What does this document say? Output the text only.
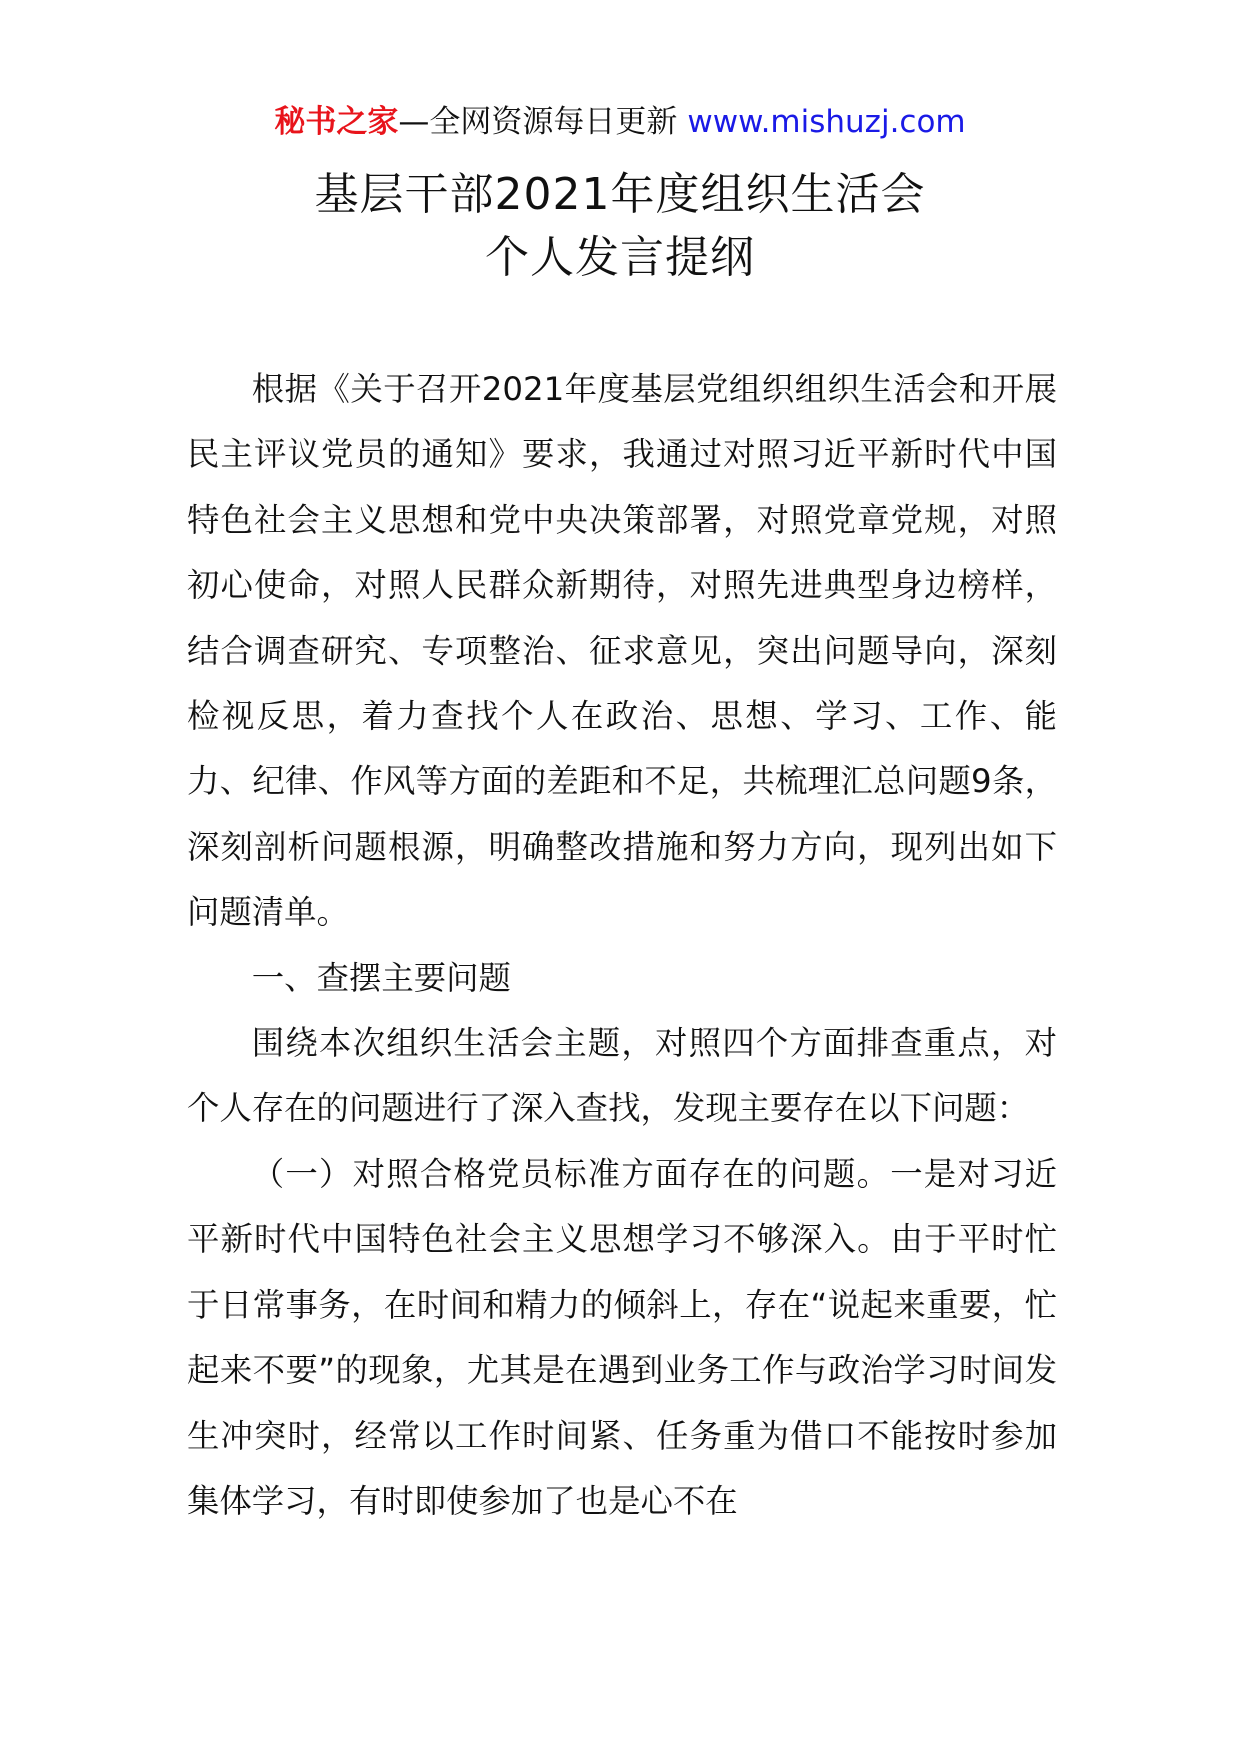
秘书之家—全网资源每日更新 www.mishuzj.com
基层干部2021年度组织生活会
个人发言提纲

根据《关于召开2021年度基层党组织组织生活会和开展民主评议党员的通知》要求，我通过对照习近平新时代中国特色社会主义思想和党中央决策部署，对照党章党规，对照初心使命，对照人民群众新期待，对照先进典型身边榜样，结合调查研究、专项整治、征求意见，突出问题导向，深刻检视反思，着力查找个人在政治、思想、学习、工作、能力、纪律、作风等方面的差距和不足，共梳理汇总问题9条，深刻剖析问题根源，明确整改措施和努力方向，现列出如下问题清单。

一、查摆主要问题

围绕本次组织生活会主题，对照四个方面排查重点，对个人存在的问题进行了深入查找，发现主要存在以下问题：

（一）对照合格党员标准方面存在的问题。一是对习近平新时代中国特色社会主义思想学习不够深入。由于平时忙于日常事务，在时间和精力的倾斜上，存在“说起来重要，忙起来不要”的现象，尤其是在遇到业务工作与政治学习时间发生冲突时，经常以工作时间紧、任务重为借口不能按时参加集体学习，有时即使参加了也是心不在
